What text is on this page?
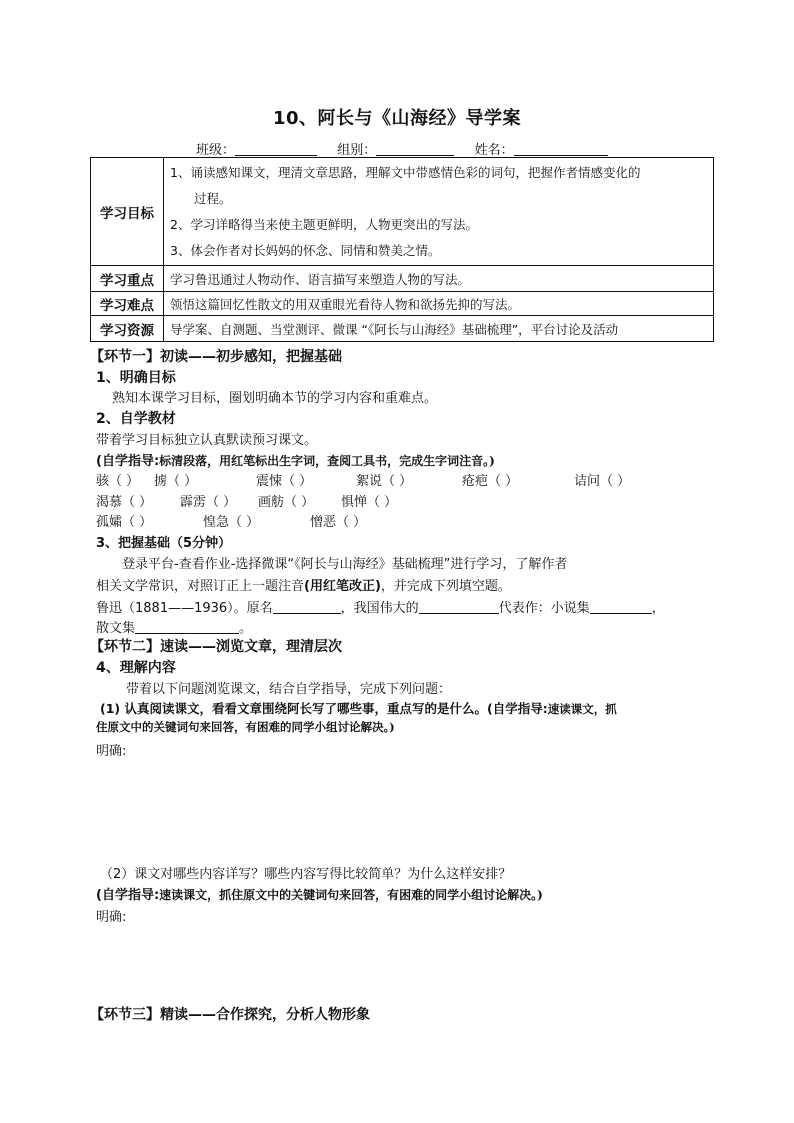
10、阿长与《山海经》导学案
班级：	组别：	姓名：
学习目标	1、诵读感知课文，理清文章思路，理解文中带感情色彩的词句，把握作者情感变化的
过程。
2、学习详略得当来使主题更鲜明，人物更突出的写法。
3、体会作者对长妈妈的怀念、同情和赞美之情。

学习重点	学习鲁迅通过人物动作、语言描写来塑造人物的写法。
学习难点	领悟这篇回忆性散文的用双重眼光看待人物和欲扬先抑的写法。
学习资源	导学案、自测题、当堂测评、微课 “《阿长与山海经》基础梳理”，平台讨论及活动
【环节一】初读——初步感知，把握基础
1、明确目标
熟知本课学习目标，圈划明确本节的学习内容和重难点。
2、自学教材
带着学习目标独立认真默读预习课文。
(自学指导:标清段落，用红笔标出生字词，查阅工具书，完成生字词注音。)
骇（ ） 掳（ ）	震悚（ ）	絮说（ ）	疮疤（ ）	诘问（ ）
渴慕（ ） 霹雳（ ） 画舫（ ） 惧惮（ ）
孤孀（ ）	惶急（ ）	憎恶（ ）
3、把握基础（5分钟）
登录平台-查看作业-选择微课“《阿长与山海经》基础梳理”进行学习，了解作者
相关文学常识，对照订正上一题注音(用红笔改正)，并完成下列填空题。
鲁迅（1881——1936）。原名	，我国伟大的	代表作：小说集	，
散文集	。
【环节二】速读——浏览文章，理清层次
4、理解内容
带着以下问题浏览课文，结合自学指导，完成下列问题：
(1) 认真阅读课文，看看文章围绕阿长写了哪些事，重点写的是什么。(自学指导:速读课文，抓
住原文中的关键词句来回答，有困难的同学小组讨论解决。)
明确:
（2）课文对哪些内容详写？哪些内容写得比较简单？为什么这样安排？
(自学指导:速读课文，抓住原文中的关键词句来回答，有困难的同学小组讨论解决。)
明确:
【环节三】精读——合作探究，分析人物形象
